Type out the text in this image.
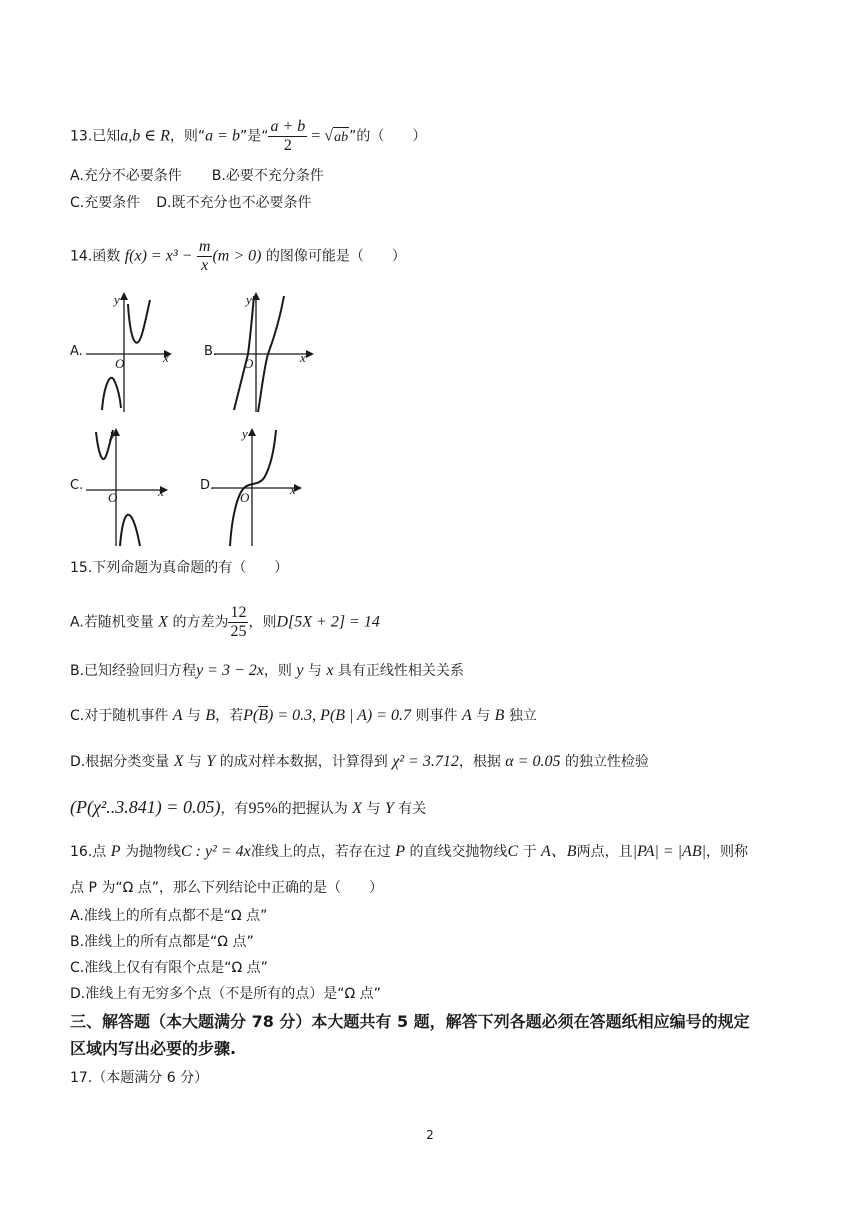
13.已知a,b ∈ R，则“a = b”是“ $\frac{a + b}{2} = √ab$”的（　　）
A.充分不必要条件 B.必要不充分条件
C.充要条件 D.既不充分也不必要条件
14.函数 $f(x) = x^3 - \frac{m}{x} (m > 0)$ 的图像可能是（　　）
A.
y
x
O
B.
y
x
O
C.
y
x
O
D.
y
x
O
15.下列命题为真命题的有（　　）
A.若随机变量 X 的方差为 $\frac{12}{25}$ ，则D[5X + 2] = 14
B.已知经验回归方程y = 3 − 2x，则 y 与 x 具有正线性相关关系
C.对于随机事件 A 与 B，若$P(\overline{B}) = 0.3$, P(B | A) = 0.7 则事件 A 与 B 独立
D.根据分类变量 X 与 Y 的成对样本数据，计算得到 χ² = 3.712，根据 α = 0.05 的独立性检验
(P(χ²..3.841) = 0.05)，有95%的把握认为 X 与 Y 有关
16.点 P 为抛物线C : y² = 4x准线上的点，若存在过 P 的直线交抛物线C 于 A、B两点，且|PA| = |AB|，则称
点 P 为“Ω 点”，那么下列结论中正确的是（　　）
A.准线上的所有点都不是“Ω 点”
B.准线上的所有点都是“Ω 点”
C.准线上仅有有限个点是“Ω 点”
D.准线上有无穷多个点（不是所有的点）是“Ω 点”
三、解答题（本大题满分 78 分）本大题共有 5 题，解答下列各题必须在答题纸相应编号的规定
区域内写出必要的步骤.
17.（本题满分 6 分）
2
